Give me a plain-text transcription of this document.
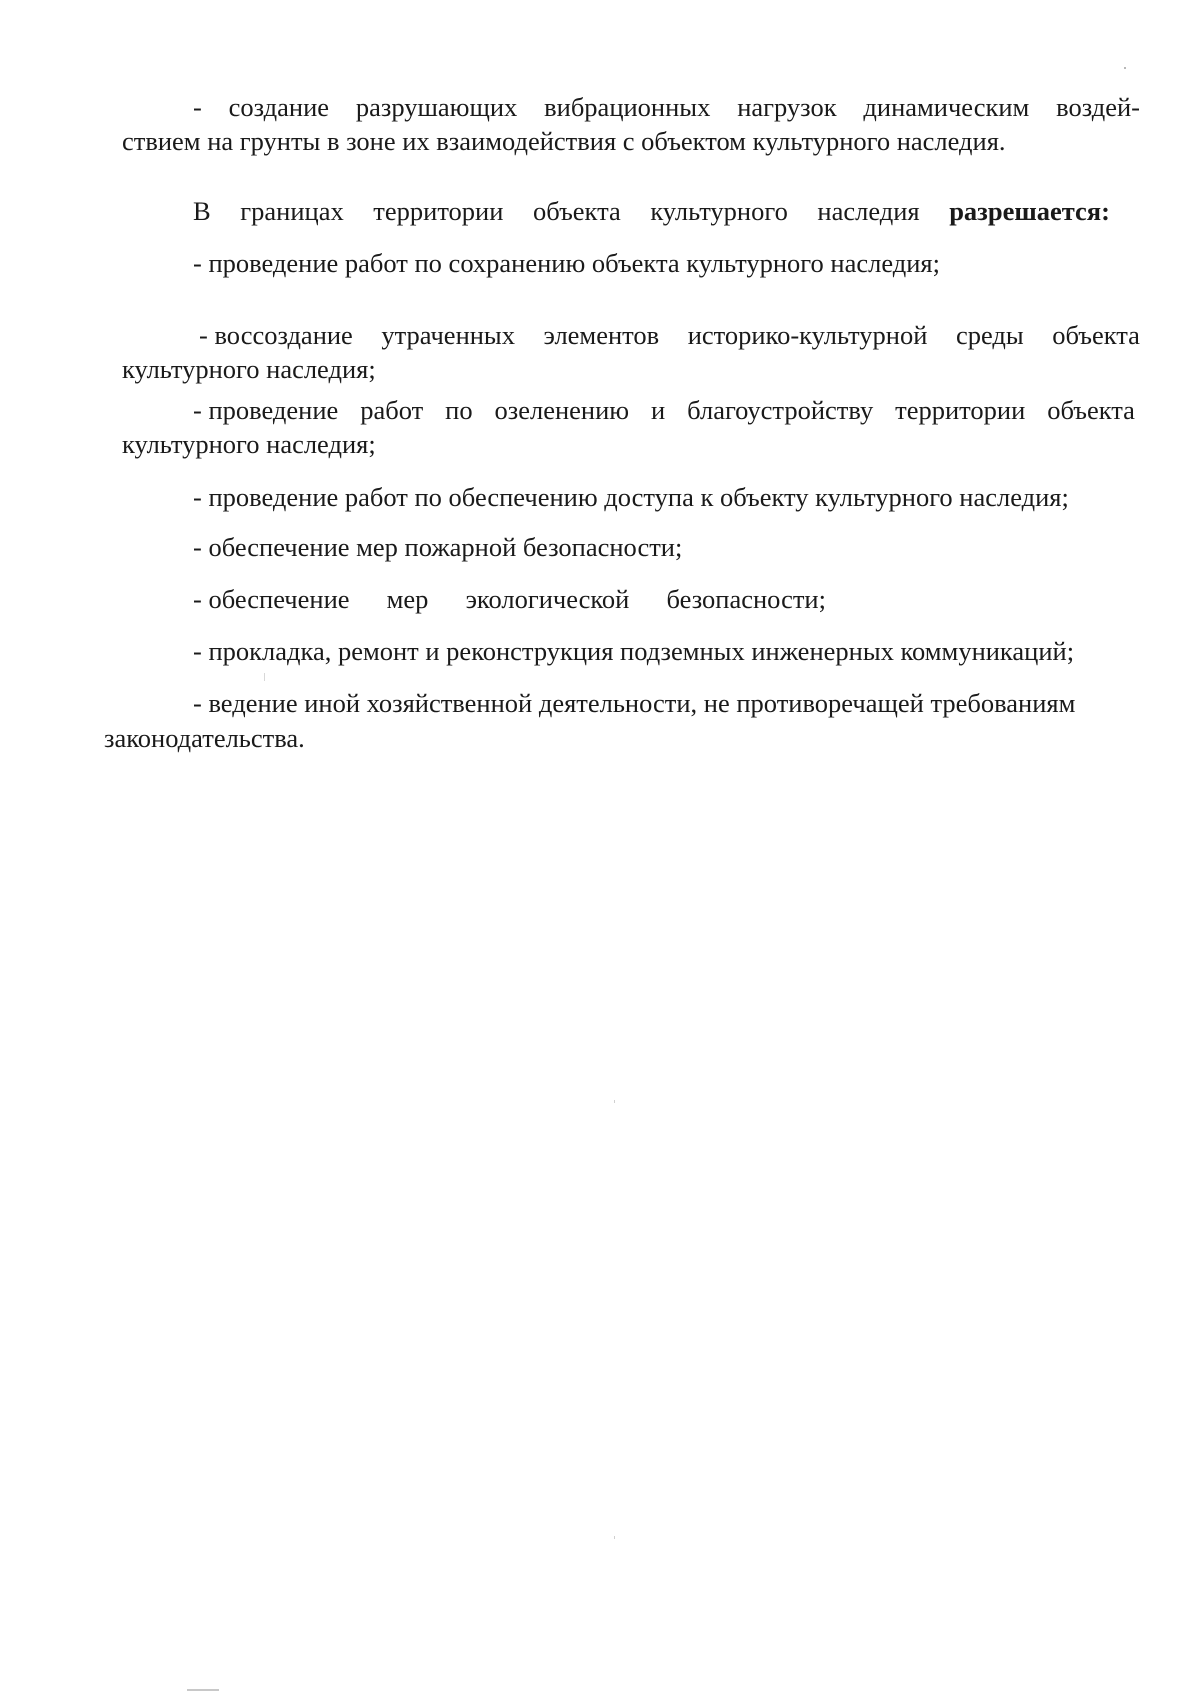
- создание разрушающих вибрационных нагрузок динамическим воздей-
ствием на грунты в зоне их взаимодействия с объектом культурного наследия.
В границах территории объекта культурного наследия разрешается:
- проведение работ по сохранению объекта культурного наследия;
- воссоздание утраченных элементов историко-культурной среды объекта
культурного наследия;
- проведение работ по озеленению и благоустройству территории объекта
культурного наследия;
- проведение работ по обеспечению доступа к объекту культурного наследия;
- обеспечение мер пожарной безопасности;
- обеспечение мер экологической безопасности;
- прокладка, ремонт и реконструкция подземных инженерных коммуникаций;
- ведение иной хозяйственной деятельности, не противоречащей требованиям
законодательства.
